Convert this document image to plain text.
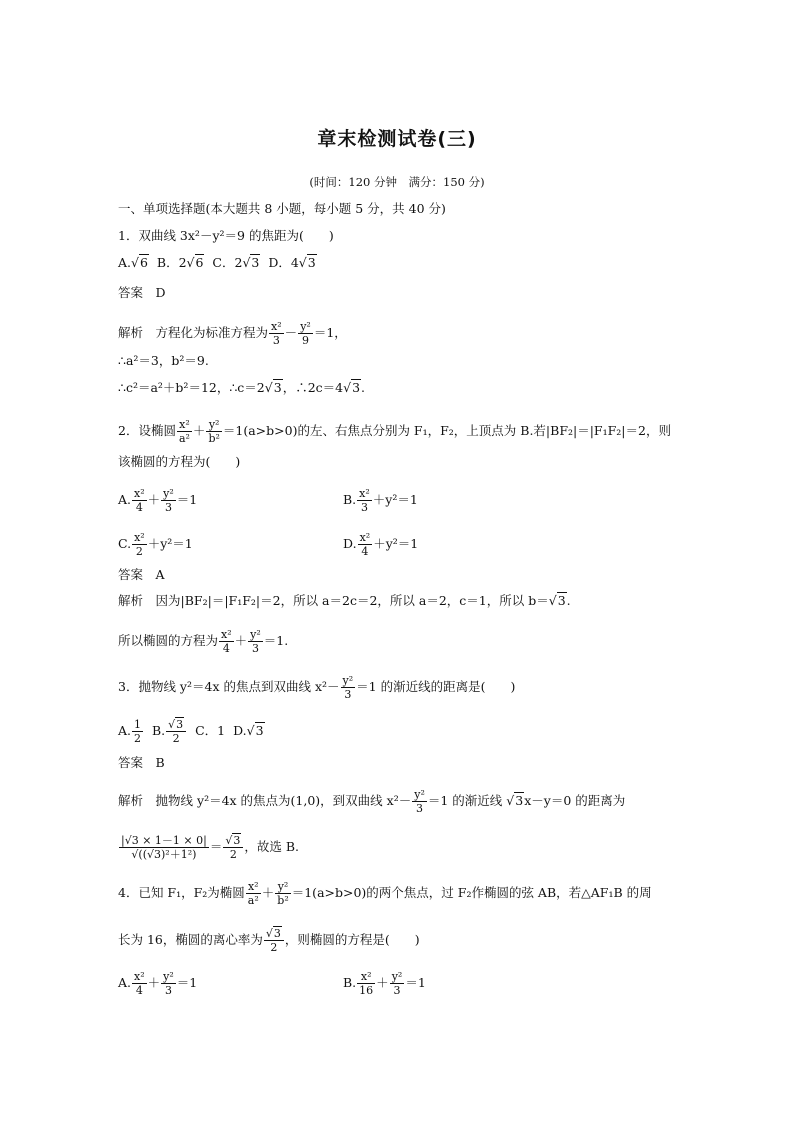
章末检测试卷(三)
(时间：120 分钟　满分：150 分)
一、单项选择题(本大题共 8 小题，每小题 5 分，共 40 分)
1．双曲线 3x²－y²＝9 的焦距为(　　)
A.√6 B．2√6 C．2√3 D．4√3
答案　 D
解析　 方程化为标准方程为 $\frac{\text{x²}}{3} - \frac{\text{y²}}{9} =1$，
∴a²＝3，b²＝9.
∴c²＝a²＋b²＝12，∴c＝2√3，∴2c＝4√3.
2．设椭圆 $\frac{\text{x²}}{\text{a²}} + \frac{\text{y²}}{\text{b²}} =1(a>b>0)$的左、右焦点分别为 F₁，F₂，上顶点为 B.若|BF₂|＝|F₁F₂|＝2，则
该椭圆的方程为(　　)
A. $\frac{\text{x²}}{4} + \frac{\text{y²}}{3} =1$	B. $\frac{\text{x²}}{3} +y^2=1$
C. $\frac{\text{x²}}{2} +y^2=1$	D. $\frac{\text{x²}}{4} +y^2=1$
答案　 A
解析　 因为|BF₂|＝|F₁F₂|＝2，所以 a＝2c＝2，所以 a＝2，c＝1，所以 b＝√3.
所以椭圆的方程为 $\frac{\text{x²}}{4} + \frac{\text{y²}}{3} =1$.
3．抛物线 y²＝4x 的焦点到双曲线 $x^2- \frac{\text{y²}}{3} =1$ 的渐近线的距离是(　　)
A. $\frac{1}{2} B$. $\frac{√3}{2}$ C．1 D.√3
答案　 B
解析　 抛物线 y²＝4x 的焦点为(1,0)，到双曲线 $x^2- \frac{\text{y²}}{3} =1$ 的渐近线 √3x－y＝0 的距离为
$\frac{|√3 \times 1-1 \times 0|}{\text{√((√3)²＋1²)}} = \frac{√3}{2}$ ，故选 B.
4．已知 F₁，F₂为椭圆 $\frac{\text{x²}}{\text{a²}} + \frac{\text{y²}}{\text{b²}} =1(a>b>0)$的两个焦点，过 F₂作椭圆的弦 AB，若△AF₁B 的周
长为 16，椭圆的离心率为 $\frac{√3}{2}$ ，则椭圆的方程是(　　)
A. $\frac{\text{x²}}{4} + \frac{\text{y²}}{3} =1$	B. $\frac{\text{x²}}{16} + \frac{\text{y²}}{3} =1$
